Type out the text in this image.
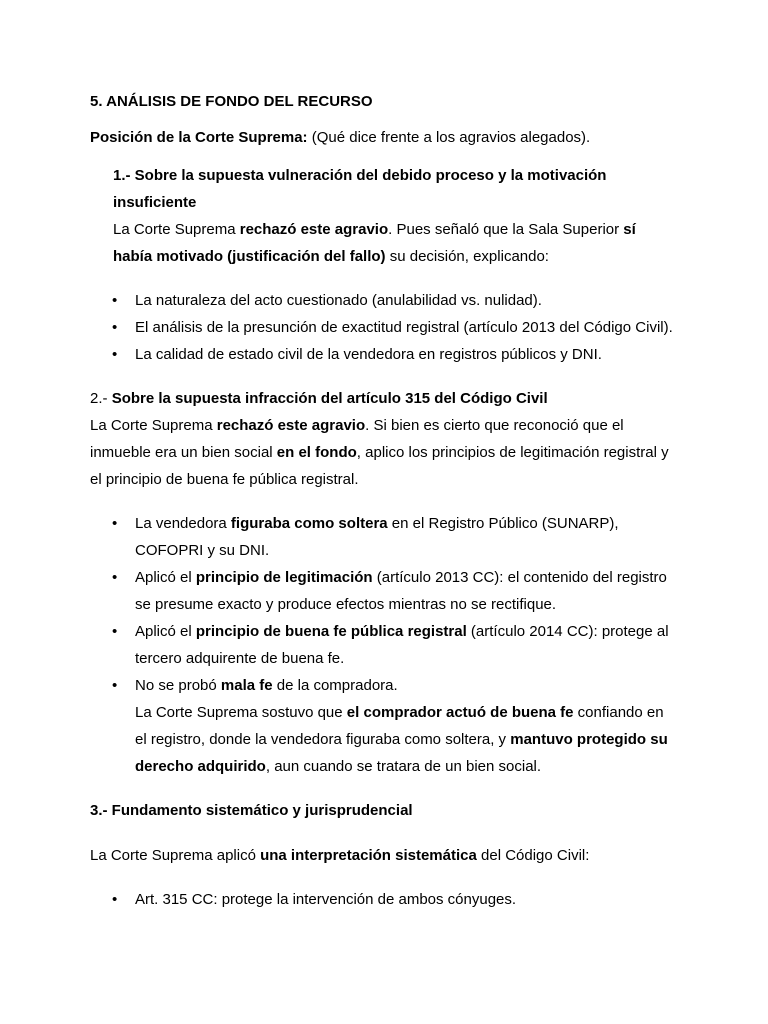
5. ANÁLISIS DE FONDO DEL RECURSO
Posición de la Corte Suprema: (Qué dice frente a los agravios alegados).
1.- Sobre la supuesta vulneración del debido proceso y la motivación
insuficiente
La Corte Suprema rechazó este agravio. Pues señaló que la Sala Superior sí
había motivado (justificación del fallo) su decisión, explicando:
• La naturaleza del acto cuestionado (anulabilidad vs. nulidad).
• El análisis de la presunción de exactitud registral (artículo 2013 del Código Civil).
• La calidad de estado civil de la vendedora en registros públicos y DNI.
2.- Sobre la supuesta infracción del artículo 315 del Código Civil
La Corte Suprema rechazó este agravio. Si bien es cierto que reconoció que el
inmueble era un bien social en el fondo, aplico los principios de legitimación registral y
el principio de buena fe pública registral.
• La vendedora figuraba como soltera en el Registro Público (SUNARP),
COFOPRI y su DNI.
• Aplicó el principio de legitimación (artículo 2013 CC): el contenido del registro
se presume exacto y produce efectos mientras no se rectifique.
• Aplicó el principio de buena fe pública registral (artículo 2014 CC): protege al
tercero adquirente de buena fe.
• No se probó mala fe de la compradora.
La Corte Suprema sostuvo que el comprador actuó de buena fe confiando en
el registro, donde la vendedora figuraba como soltera, y mantuvo protegido su
derecho adquirido, aun cuando se tratara de un bien social.
3.- Fundamento sistemático y jurisprudencial
La Corte Suprema aplicó una interpretación sistemática del Código Civil:
• Art. 315 CC: protege la intervención de ambos cónyuges.
